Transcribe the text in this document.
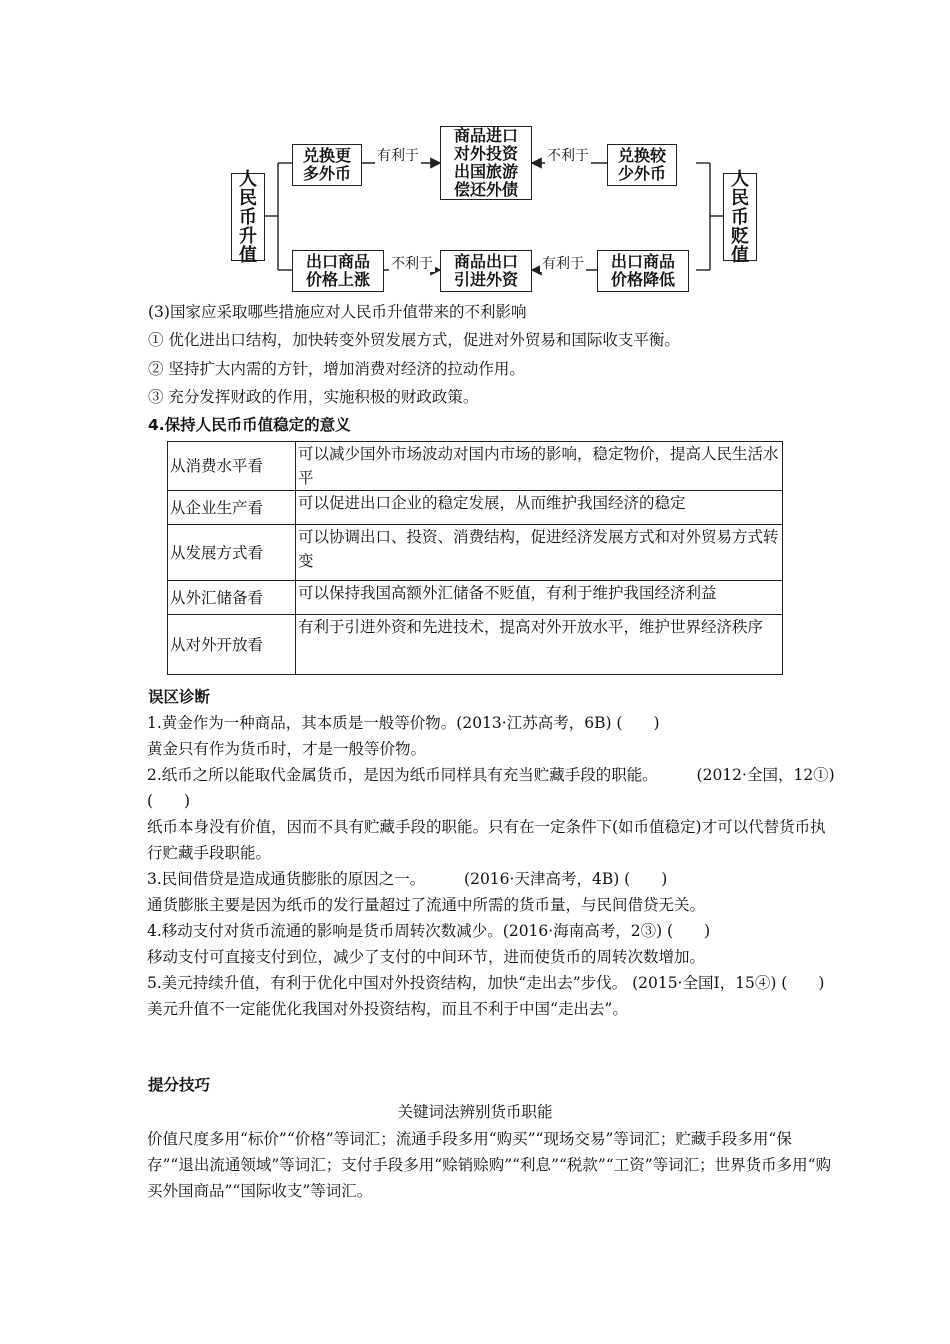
人
民
币
升
值
人
民
币
贬
值
兑换更
多外币
商品进口
对外投资
出国旅游
偿还外债
兑换较
少外币
出口商品
价格上涨
商品出口
引进外资
出口商品
价格降低
有利于	不利于
不利于	有利于
(3)国家应采取哪些措施应对人民币升值带来的不利影响
① 优化进出口结构，加快转变外贸发展方式，促进对外贸易和国际收支平衡。
② 坚持扩大内需的方针，增加消费对经济的拉动作用。
③ 充分发挥财政的作用，实施积极的财政政策。
4.保持人民币币值稳定的意义
从消费水平看	可以减少国外市场波动对国内市场的影响，稳定物价，提高人民生活水平
从企业生产看	可以促进出口企业的稳定发展，从而维护我国经济的稳定
从发展方式看	可以协调出口、投资、消费结构，促进经济发展方式和对外贸易方式转变
从外汇储备看	可以保持我国高额外汇储备不贬值，有利于维护我国经济利益
从对外开放看	有利于引进外资和先进技术，提高对外开放水平，维护世界经济秩序
误区诊断
1.黄金作为一种商品，其本质是一般等价物。(2013·江苏高考，6B) (　　)
黄金只有作为货币时，才是一般等价物。
2.纸币之所以能取代金属货币，是因为纸币同样具有充当贮藏手段的职能。　　　(2012·全国，12①) (　　)
纸币本身没有价值，因而不具有贮藏手段的职能。只有在一定条件下(如币值稳定)才可以代替货币执行贮藏手段职能。
3.民间借贷是造成通货膨胀的原因之一。　　　(2016·天津高考，4B) (　　)
通货膨胀主要是因为纸币的发行量超过了流通中所需的货币量，与民间借贷无关。
4.移动支付对货币流通的影响是货币周转次数减少。(2016·海南高考，2③) (　　)
移动支付可直接支付到位，减少了支付的中间环节，进而使货币的周转次数增加。
5.美元持续升值，有利于优化中国对外投资结构，加快“走出去”步伐。 (2015·全国Ⅰ，15④) (　　)
美元升值不一定能优化我国对外投资结构，而且不利于中国“走出去”。
提分技巧
关键词法辨别货币职能
价值尺度多用“标价”“价格”等词汇；流通手段多用“购买”“现场交易”等词汇；贮藏手段多用“保存”“退出流通领域”等词汇；支付手段多用“赊销赊购”“利息”“税款”“工资”等词汇；世界货币多用“购买外国商品”“国际收支”等词汇。
